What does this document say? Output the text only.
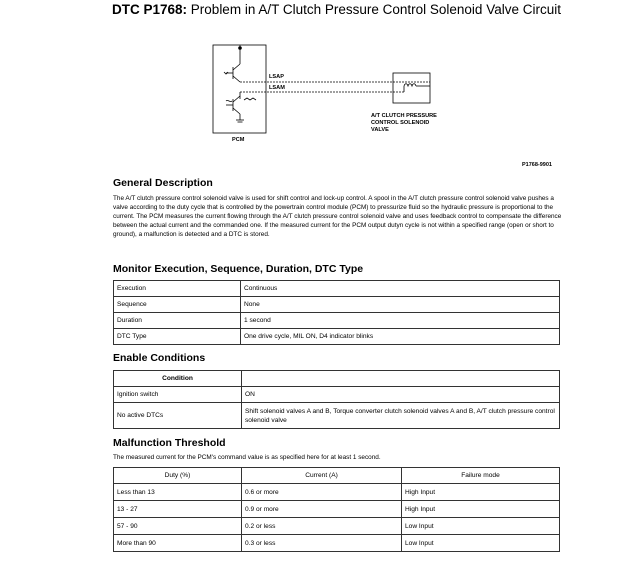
DTC P1768: Problem in A/T Clutch Pressure Control Solenoid Valve Circuit
LSAP
LSAM
PCM
A/T CLUTCH PRESSURE
CONTROL SOLENOID
VALVE
P1768-9901
General Description
The A/T clutch pressure control solenoid valve is used for shift control and lock-up control. A spool in the A/T clutch pressure control solenoid valve pushes a valve according to the duty cycle that is controlled by the powertrain control module (PCM) to pressurize fluid so the hydraulic pressure is proportional to the current. The PCM measures the current flowing through the A/T clutch pressure control solenoid valve and uses feedback control to compensate the difference between the actual current and the commanded one. If the measured current for the PCM output dutyn cycle is not within a specified range (open or short to ground), a malfunction is detected and a DTC is stored.
Monitor Execution, Sequence, Duration, DTC Type
Execution	Continuous
Sequence	None
Duration	1 second
DTC Type	One drive cycle, MIL ON, D4 indicator blinks
Enable Conditions
Condition	
Ignition switch	ON
No active DTCs	Shift solenoid valves A and B, Torque converter clutch solenoid valves A and B, A/T clutch pressure control solenoid valve
Malfunction Threshold
The measured current for the PCM's command value is as specified here for at least 1 second.
Duty (%)	Current (A)	Failure mode
Less than 13	0.6 or more	High Input
13 - 27	0.9 or more	High Input
57 - 90	0.2 or less	Low Input
More than 90	0.3 or less	Low Input
